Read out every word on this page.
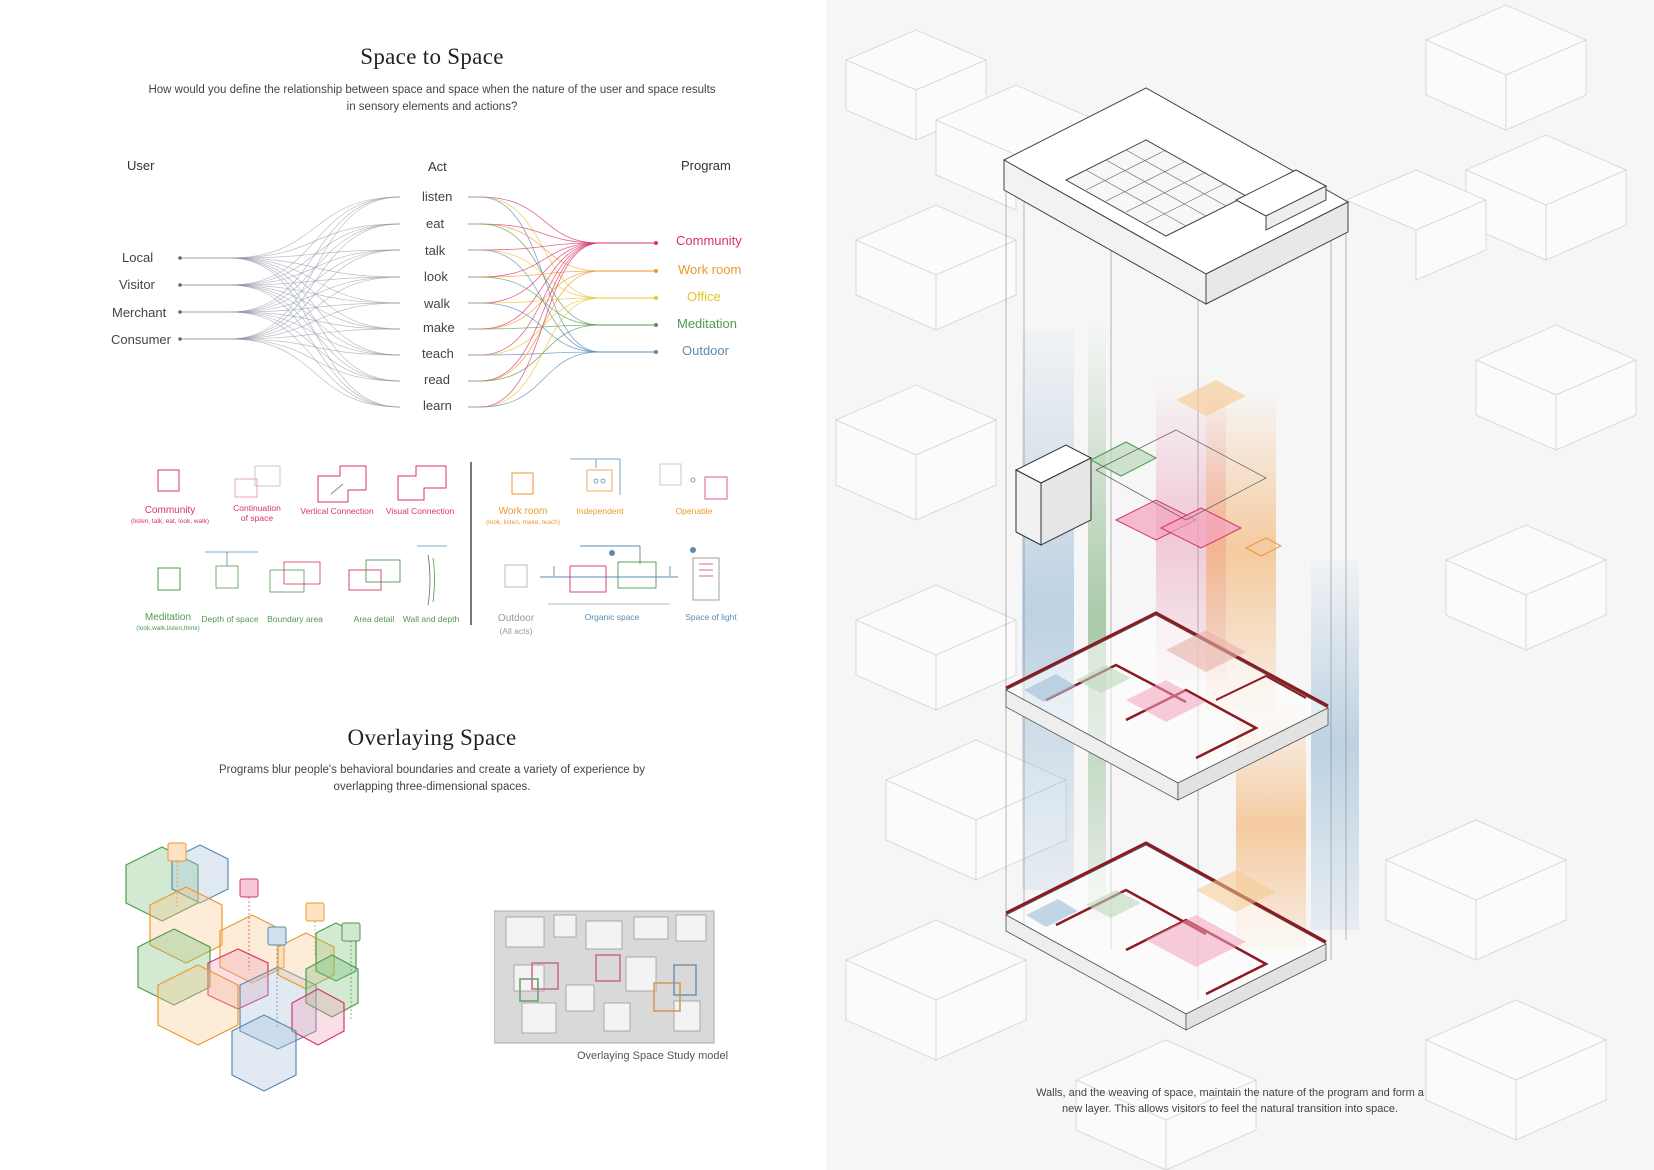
Space to Space
How would you define the relationship between space and space when the nature of the user and space results
in sensory elements and actions?
User	Act	Program
Local
Visitor
Merchant
Consumer
listen
eat
talk
look
walk
make
teach
read
learn
Community
Work room
Office
Meditation
Outdoor
Community
(listen, talk, eat, look, walk)
Continuation
of space
Vertical Connection	Visual Connection	Work room
(look, listen, make, teach)
Independent	Openable
Meditation
(look,walk,listen,think)
Depth of space	Boundary area	Area detail Wall and depth	Outdoor
(All acts)
Organic space	Space of light
Overlaying Space
Programs blur people's behavioral boundaries and create a variety of experience by
overlapping three-dimensional spaces.
Overlaying Space Study model
Walls, and the weaving of space, maintain the nature of the program and form a
new layer. This allows visitors to feel the natural transition into space.
